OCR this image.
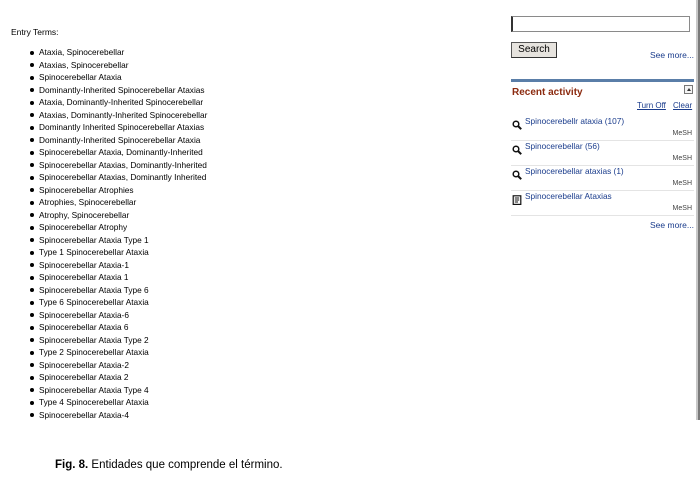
Entry Terms:

Ataxia, Spinocerebellar
Ataxias, Spinocerebellar
Spinocerebellar Ataxia
Dominantly-Inherited Spinocerebellar Ataxias
Ataxia, Dominantly-Inherited Spinocerebellar
Ataxias, Dominantly-Inherited Spinocerebellar
Dominantly Inherited Spinocerebellar Ataxias
Dominantly-Inherited Spinocerebellar Ataxia
Spinocerebellar Ataxia, Dominantly-Inherited
Spinocerebellar Ataxias, Dominantly-Inherited
Spinocerebellar Ataxias, Dominantly Inherited
Spinocerebellar Atrophies
Atrophies, Spinocerebellar
Atrophy, Spinocerebellar
Spinocerebellar Atrophy
Spinocerebellar Ataxia Type 1
Type 1 Spinocerebellar Ataxia
Spinocerebellar Ataxia-1
Spinocerebellar Ataxia 1
Spinocerebellar Ataxia Type 6
Type 6 Spinocerebellar Ataxia
Spinocerebellar Ataxia-6
Spinocerebellar Ataxia 6
Spinocerebellar Ataxia Type 2
Type 2 Spinocerebellar Ataxia
Spinocerebellar Ataxia-2
Spinocerebellar Ataxia 2
Spinocerebellar Ataxia Type 4
Type 4 Spinocerebellar Ataxia
Spinocerebellar Ataxia-4
Search	See more...
Recent activity
Turn Off Clear
Spinocerebellr ataxia (107)
MeSH
Spinocerebellar (56)
MeSH
Spinocerebellar ataxias (1)
MeSH
Spinocerebellar Ataxias
MeSH
See more...
Fig. 8. Entidades que comprende el término.
